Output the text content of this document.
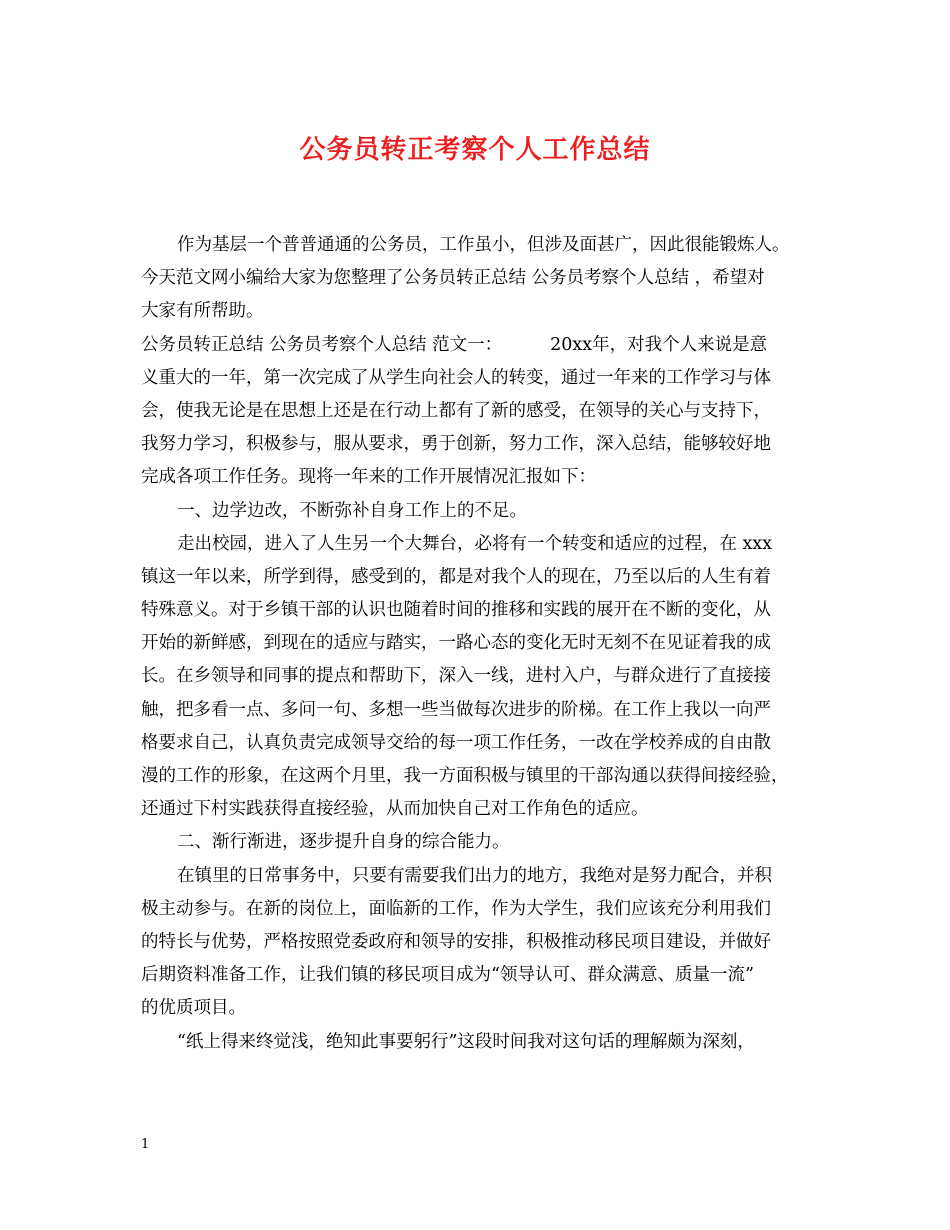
公务员转正考察个人工作总结
作为基层一个普普通通的公务员，工作虽小，但涉及面甚广，因此很能锻炼人。
今天范文网小编给大家为您整理了公务员转正总结 公务员考察个人总结 ，希望对
大家有所帮助。
公务员转正总结 公务员考察个人总结 范文一：	20xx年，对我个人来说是意
义重大的一年，第一次完成了从学生向社会人的转变，通过一年来的工作学习与体
会，使我无论是在思想上还是在行动上都有了新的感受，在领导的关心与支持下，
我努力学习，积极参与，服从要求，勇于创新，努力工作，深入总结，能够较好地
完成各项工作任务。现将一年来的工作开展情况汇报如下：
一、边学边改，不断弥补自身工作上的不足。
走出校园，进入了人生另一个大舞台，必将有一个转变和适应的过程，在 xxx
镇这一年以来，所学到得，感受到的，都是对我个人的现在，乃至以后的人生有着
特殊意义。对于乡镇干部的认识也随着时间的推移和实践的展开在不断的变化，从
开始的新鲜感，到现在的适应与踏实，一路心态的变化无时无刻不在见证着我的成
长。在乡领导和同事的提点和帮助下，深入一线，进村入户，与群众进行了直接接
触，把多看一点、多问一句、多想一些当做每次进步的阶梯。在工作上我以一向严
格要求自己，认真负责完成领导交给的每一项工作任务，一改在学校养成的自由散
漫的工作的形象，在这两个月里，我一方面积极与镇里的干部沟通以获得间接经验，
还通过下村实践获得直接经验，从而加快自己对工作角色的适应。
二、渐行渐进，逐步提升自身的综合能力。
在镇里的日常事务中，只要有需要我们出力的地方，我绝对是努力配合，并积
极主动参与。在新的岗位上，面临新的工作，作为大学生，我们应该充分利用我们
的特长与优势，严格按照党委政府和领导的安排，积极推动移民项目建设，并做好
后期资料准备工作，让我们镇的移民项目成为“领导认可、群众满意、质量一流”
的优质项目。
“纸上得来终觉浅，绝知此事要躬行”这段时间我对这句话的理解颇为深刻，
1
